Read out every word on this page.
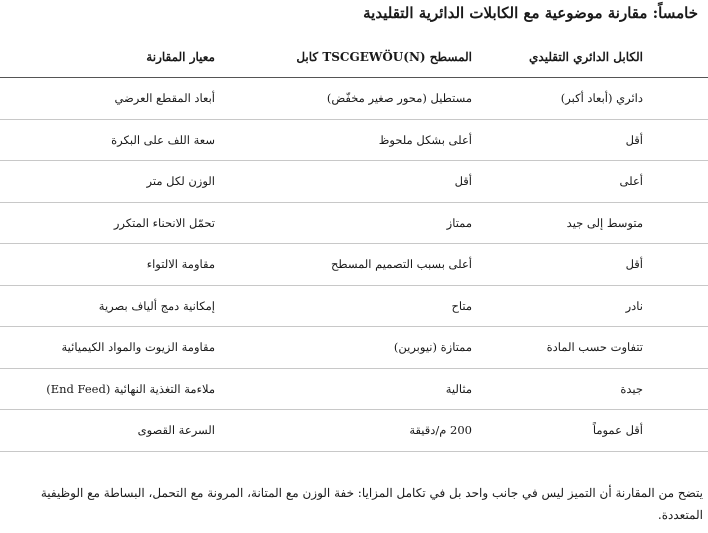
خامساً: مقارنة موضوعية مع الكابلات الدائرية التقليدية
الكابل الدائري التقليدي	المسطح (N)TSCGEWÖU كابل	معيار المقارنة
دائري (أبعاد أكبر)	مستطيل (محور صغير مخفّض)	أبعاد المقطع العرضي
أقل	أعلى بشكل ملحوظ	سعة اللف على البكرة
أعلى	أقل	الوزن لكل متر
متوسط إلى جيد	ممتاز	تحمّل الانحناء المتكرر
أقل	أعلى بسبب التصميم المسطح	مقاومة الالتواء
نادر	متاح	إمكانية دمج ألياف بصرية
تتفاوت حسب المادة	ممتازة (نيوبرين)	مقاومة الزيوت والمواد الكيميائية
جيدة	مثالية	ملاءمة التغذية النهائية (End Feed)
أقل عموماً	200 م/دقيقة	السرعة القصوى

يتضح من المقارنة أن التميز ليس في جانب واحد بل في تكامل المزايا: خفة الوزن مع المتانة، المرونة مع التحمل، البساطة مع الوظيفية المتعددة.
